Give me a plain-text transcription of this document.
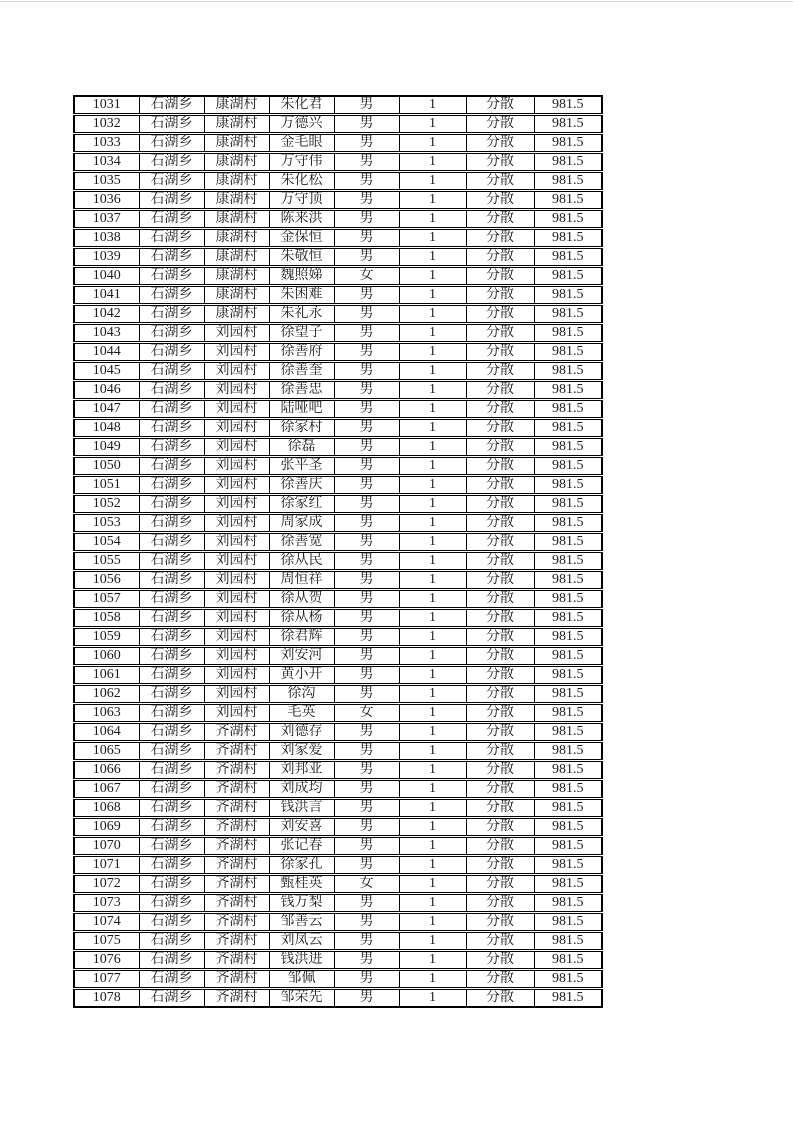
1031	石湖乡	康湖村	朱化君	男	1	分散	981.5
1032	石湖乡	康湖村	万德兴	男	1	分散	981.5
1033	石湖乡	康湖村	金毛眼	男	1	分散	981.5
1034	石湖乡	康湖村	万守伟	男	1	分散	981.5
1035	石湖乡	康湖村	朱化松	男	1	分散	981.5
1036	石湖乡	康湖村	万守顶	男	1	分散	981.5
1037	石湖乡	康湖村	陈来洪	男	1	分散	981.5
1038	石湖乡	康湖村	金保恒	男	1	分散	981.5
1039	石湖乡	康湖村	朱敬恒	男	1	分散	981.5
1040	石湖乡	康湖村	魏照娣	女	1	分散	981.5
1041	石湖乡	康湖村	朱困难	男	1	分散	981.5
1042	石湖乡	康湖村	朱礼永	男	1	分散	981.5
1043	石湖乡	刘园村	徐望子	男	1	分散	981.5
1044	石湖乡	刘园村	徐善府	男	1	分散	981.5
1045	石湖乡	刘园村	徐善奎	男	1	分散	981.5
1046	石湖乡	刘园村	徐善忠	男	1	分散	981.5
1047	石湖乡	刘园村	陆哑吧	男	1	分散	981.5
1048	石湖乡	刘园村	徐家村	男	1	分散	981.5
1049	石湖乡	刘园村	徐磊	男	1	分散	981.5
1050	石湖乡	刘园村	张平圣	男	1	分散	981.5
1051	石湖乡	刘园村	徐善庆	男	1	分散	981.5
1052	石湖乡	刘园村	徐家红	男	1	分散	981.5
1053	石湖乡	刘园村	周家成	男	1	分散	981.5
1054	石湖乡	刘园村	徐善宽	男	1	分散	981.5
1055	石湖乡	刘园村	徐从民	男	1	分散	981.5
1056	石湖乡	刘园村	周恒祥	男	1	分散	981.5
1057	石湖乡	刘园村	徐从贺	男	1	分散	981.5
1058	石湖乡	刘园村	徐从杨	男	1	分散	981.5
1059	石湖乡	刘园村	徐君辉	男	1	分散	981.5
1060	石湖乡	刘园村	刘安河	男	1	分散	981.5
1061	石湖乡	刘园村	黄小开	男	1	分散	981.5
1062	石湖乡	刘园村	徐沟	男	1	分散	981.5
1063	石湖乡	刘园村	毛英	女	1	分散	981.5
1064	石湖乡	齐湖村	刘德存	男	1	分散	981.5
1065	石湖乡	齐湖村	刘家爱	男	1	分散	981.5
1066	石湖乡	齐湖村	刘邦亚	男	1	分散	981.5
1067	石湖乡	齐湖村	刘成均	男	1	分散	981.5
1068	石湖乡	齐湖村	钱洪言	男	1	分散	981.5
1069	石湖乡	齐湖村	刘安喜	男	1	分散	981.5
1070	石湖乡	齐湖村	张记春	男	1	分散	981.5
1071	石湖乡	齐湖村	徐家孔	男	1	分散	981.5
1072	石湖乡	齐湖村	甄桂英	女	1	分散	981.5
1073	石湖乡	齐湖村	钱万梨	男	1	分散	981.5
1074	石湖乡	齐湖村	邹善云	男	1	分散	981.5
1075	石湖乡	齐湖村	刘凤云	男	1	分散	981.5
1076	石湖乡	齐湖村	钱洪进	男	1	分散	981.5
1077	石湖乡	齐湖村	邹佩	男	1	分散	981.5
1078	石湖乡	齐湖村	邹荣先	男	1	分散	981.5
